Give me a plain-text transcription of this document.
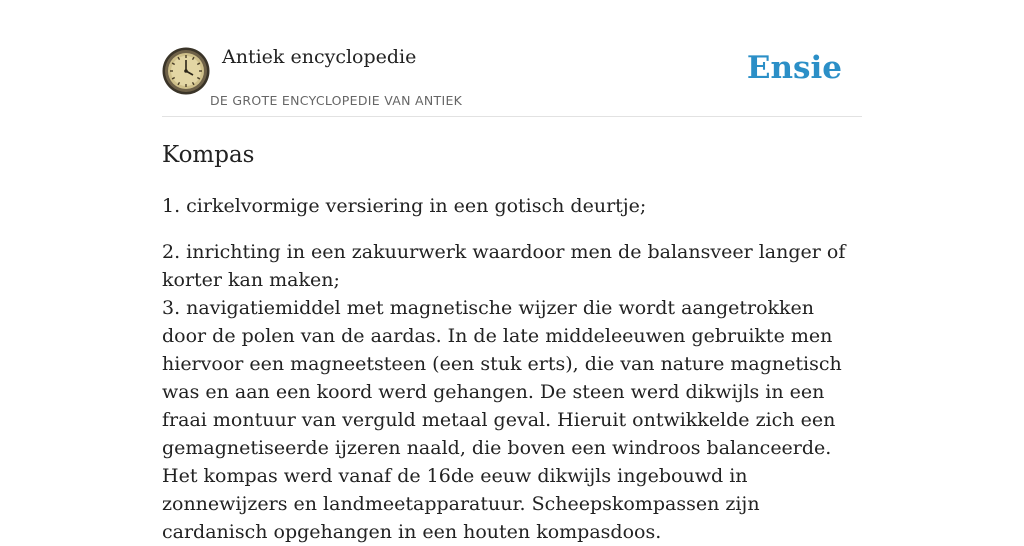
Antiek encyclopedie
DE GROTE ENCYCLOPEDIE VAN ANTIEK
Ensie
Kompas

1. cirkelvormige versiering in een gotisch deurtje;

2. inrichting in een zakuurwerk waardoor men de balansveer langer of korter kan maken;

3. navigatiemiddel met magnetische wijzer die wordt aangetrokken door de polen van de aardas. In de late middeleeuwen gebruikte men hiervoor een magneetsteen (een stuk erts), die van nature magnetisch was en aan een koord werd gehangen. De steen werd dikwijls in een fraai montuur van verguld metaal geval. Hieruit ontwikkelde zich een gemagnetiseerde ijzeren naald, die boven een windroos balanceerde. Het kompas werd vanaf de 16de eeuw dikwijls ingebouwd in zonnewijzers en landmeetapparatuur. Scheepskompassen zijn cardanisch opgehangen in een houten kompasdoos.
